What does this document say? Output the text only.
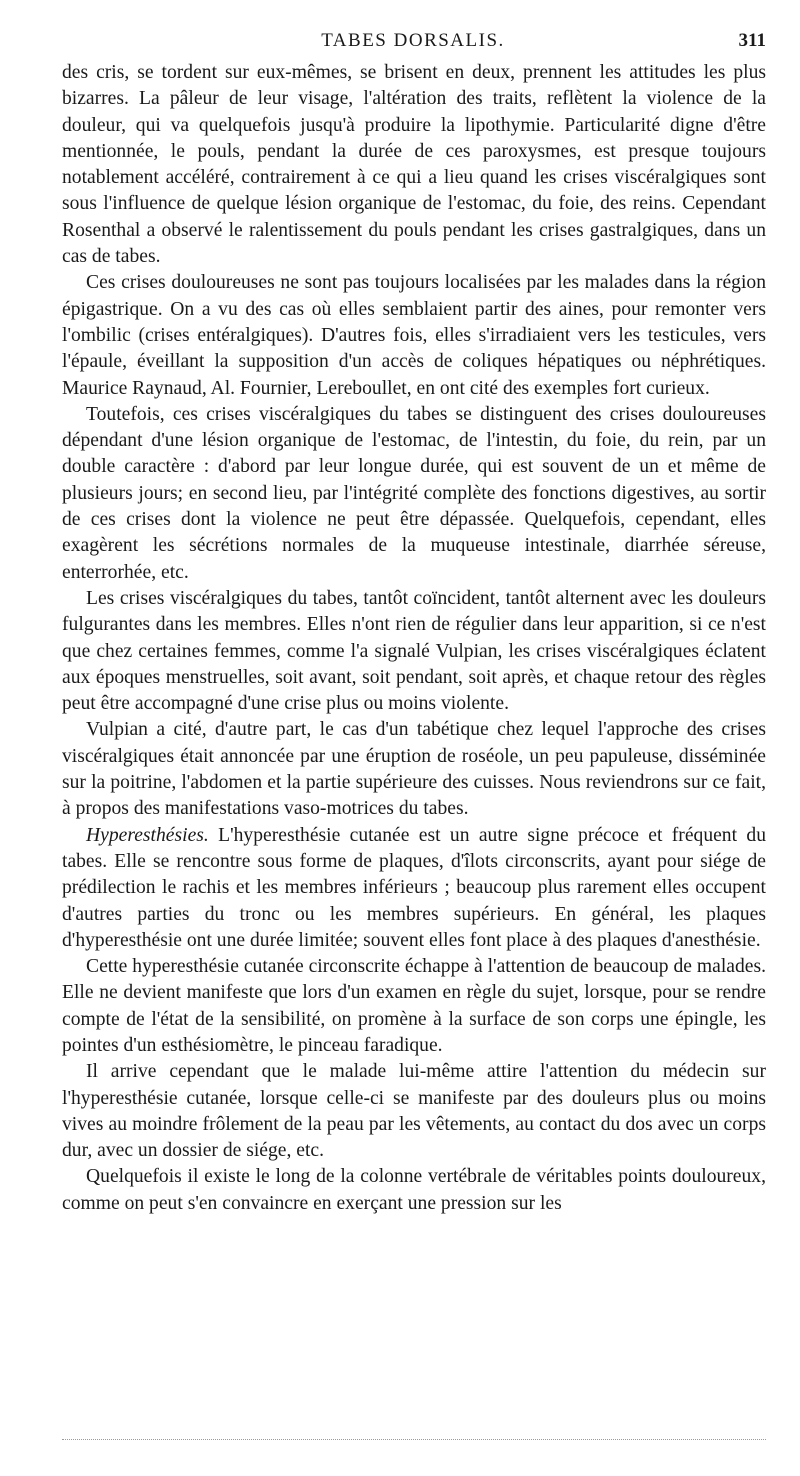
TABES DORSALIS.	311

des cris, se tordent sur eux-mêmes, se brisent en deux, prennent les attitudes les plus bizarres. La pâleur de leur visage, l'altération des traits, reflètent la violence de la douleur, qui va quelquefois jusqu'à produire la lipothymie. Particularité digne d'être mentionnée, le pouls, pendant la durée de ces paroxysmes, est presque toujours notablement accéléré, contrairement à ce qui a lieu quand les crises viscéralgiques sont sous l'influence de quelque lésion organique de l'estomac, du foie, des reins. Cependant Rosenthal a observé le ralentissement du pouls pendant les crises gastralgiques, dans un cas de tabes.

Ces crises douloureuses ne sont pas toujours localisées par les malades dans la région épigastrique. On a vu des cas où elles semblaient partir des aines, pour remonter vers l'ombilic (crises entéralgiques). D'autres fois, elles s'irradiaient vers les testicules, vers l'épaule, éveillant la supposition d'un accès de coliques hépatiques ou néphrétiques. Maurice Raynaud, Al. Fournier, Lereboullet, en ont cité des exemples fort curieux.

Toutefois, ces crises viscéralgiques du tabes se distinguent des crises douloureuses dépendant d'une lésion organique de l'estomac, de l'intestin, du foie, du rein, par un double caractère : d'abord par leur longue durée, qui est souvent de un et même de plusieurs jours; en second lieu, par l'intégrité complète des fonctions digestives, au sortir de ces crises dont la violence ne peut être dépassée. Quelquefois, cependant, elles exagèrent les sécrétions normales de la muqueuse intestinale, diarrhée séreuse, enterrorhée, etc.

Les crises viscéralgiques du tabes, tantôt coïncident, tantôt alternent avec les douleurs fulgurantes dans les membres. Elles n'ont rien de régulier dans leur apparition, si ce n'est que chez certaines femmes, comme l'a signalé Vulpian, les crises viscéralgiques éclatent aux époques menstruelles, soit avant, soit pendant, soit après, et chaque retour des règles peut être accompagné d'une crise plus ou moins violente.

Vulpian a cité, d'autre part, le cas d'un tabétique chez lequel l'approche des crises viscéralgiques était annoncée par une éruption de roséole, un peu papuleuse, disséminée sur la poitrine, l'abdomen et la partie supérieure des cuisses. Nous reviendrons sur ce fait, à propos des manifestations vaso-motrices du tabes.

Hyperesthésies. L'hyperesthésie cutanée est un autre signe précoce et fréquent du tabes. Elle se rencontre sous forme de plaques, d'îlots circonscrits, ayant pour siége de prédilection le rachis et les membres inférieurs ; beaucoup plus rarement elles occupent d'autres parties du tronc ou les membres supérieurs. En général, les plaques d'hyperesthésie ont une durée limitée; souvent elles font place à des plaques d'anesthésie.

Cette hyperesthésie cutanée circonscrite échappe à l'attention de beaucoup de malades. Elle ne devient manifeste que lors d'un examen en règle du sujet, lorsque, pour se rendre compte de l'état de la sensibilité, on promène à la surface de son corps une épingle, les pointes d'un esthésiomètre, le pinceau faradique.

Il arrive cependant que le malade lui-même attire l'attention du médecin sur l'hyperesthésie cutanée, lorsque celle-ci se manifeste par des douleurs plus ou moins vives au moindre frôlement de la peau par les vêtements, au contact du dos avec un corps dur, avec un dossier de siége, etc.

Quelquefois il existe le long de la colonne vertébrale de véritables points douloureux, comme on peut s'en convaincre en exerçant une pression sur les
